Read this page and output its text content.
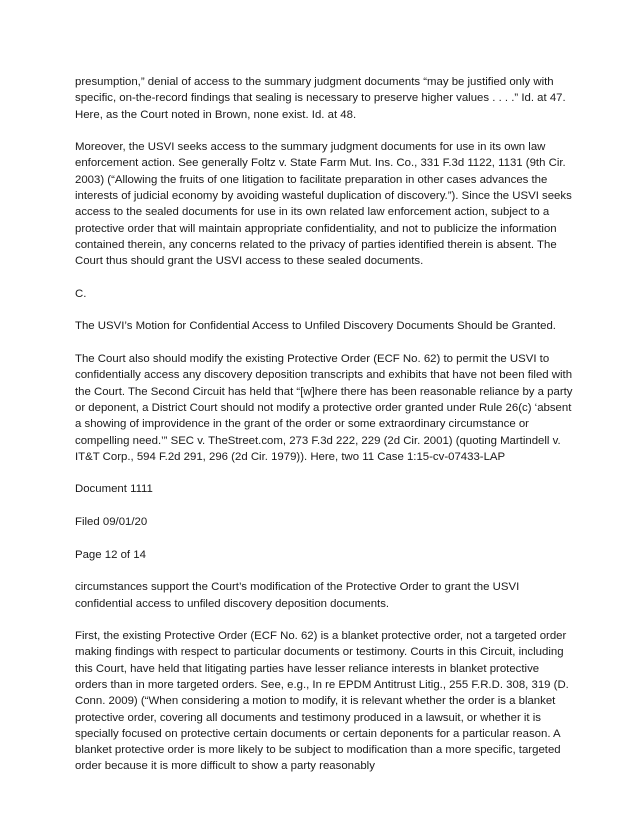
presumption,” denial of access to the summary judgment documents “may be justified only with specific, on-the-record findings that sealing is necessary to preserve higher values . . . .” Id. at 47. Here, as the Court noted in Brown, none exist. Id. at 48.

Moreover, the USVI seeks access to the summary judgment documents for use in its own law enforcement action. See generally Foltz v. State Farm Mut. Ins. Co., 331 F.3d 1122, 1131 (9th Cir. 2003) (“Allowing the fruits of one litigation to facilitate preparation in other cases advances the interests of judicial economy by avoiding wasteful duplication of discovery.”). Since the USVI seeks access to the sealed documents for use in its own related law enforcement action, subject to a protective order that will maintain appropriate confidentiality, and not to publicize the information contained therein, any concerns related to the privacy of parties identified therein is absent. The Court thus should grant the USVI access to these sealed documents.

C.

The USVI’s Motion for Confidential Access to Unfiled Discovery Documents Should be Granted.

The Court also should modify the existing Protective Order (ECF No. 62) to permit the USVI to confidentially access any discovery deposition transcripts and exhibits that have not been filed with the Court. The Second Circuit has held that “[w]here there has been reasonable reliance by a party or deponent, a District Court should not modify a protective order granted under Rule 26(c) ‘absent a showing of improvidence in the grant of the order or some extraordinary circumstance or compelling need.’” SEC v. TheStreet.com, 273 F.3d 222, 229 (2d Cir. 2001) (quoting Martindell v. IT&T Corp., 594 F.2d 291, 296 (2d Cir. 1979)). Here, two 11 Case 1:15-cv-07433-LAP

Document 1111

Filed 09/01/20

Page 12 of 14

circumstances support the Court’s modification of the Protective Order to grant the USVI confidential access to unfiled discovery deposition documents.

First, the existing Protective Order (ECF No. 62) is a blanket protective order, not a targeted order making findings with respect to particular documents or testimony. Courts in this Circuit, including this Court, have held that litigating parties have lesser reliance interests in blanket protective orders than in more targeted orders. See, e.g., In re EPDM Antitrust Litig., 255 F.R.D. 308, 319 (D. Conn. 2009) (“When considering a motion to modify, it is relevant whether the order is a blanket protective order, covering all documents and testimony produced in a lawsuit, or whether it is specially focused on protective certain documents or certain deponents for a particular reason. A blanket protective order is more likely to be subject to modification than a more specific, targeted order because it is more difficult to show a party reasonably
